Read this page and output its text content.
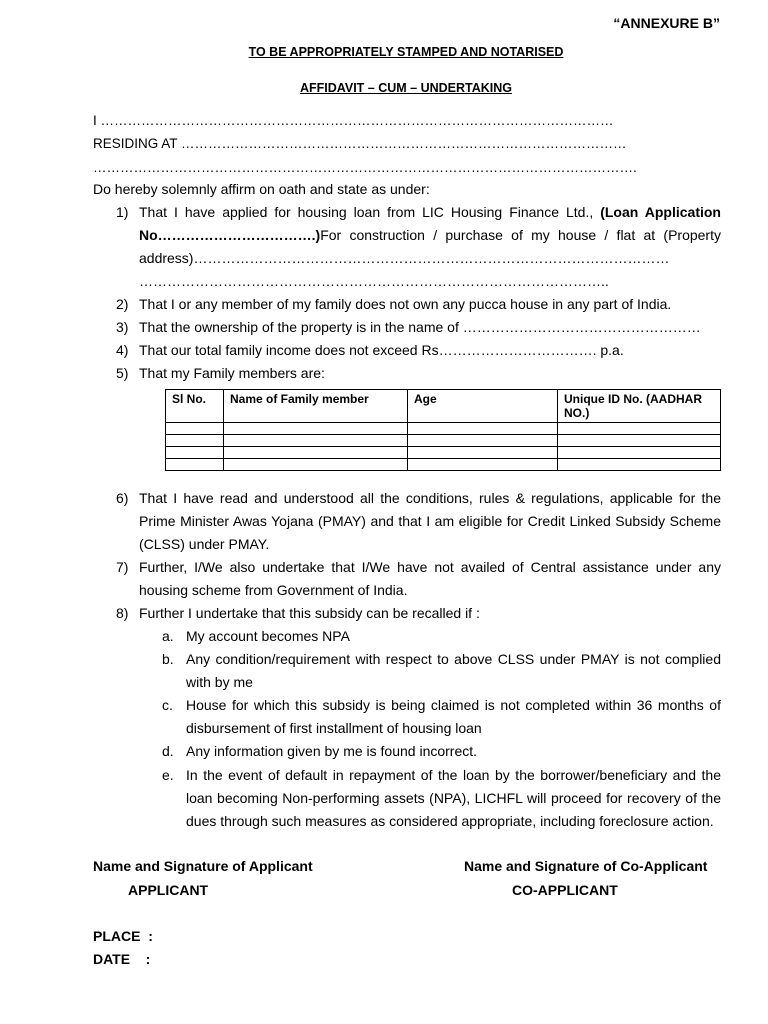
“ANNEXURE B”
TO BE APPROPRIATELY STAMPED AND NOTARISED
AFFIDAVIT – CUM – UNDERTAKING
I ……………………………………………………………………………………………………
RESIDING AT ………………………………………………………………………………………
………………………………………………………………………………………………………….
Do hereby solemnly affirm on oath and state as under:
1) That I have applied for housing loan from LIC Housing Finance Ltd., (Loan Application No…………………………….)For construction / purchase of my house / flat at (Property address)………………………………………………………………………………………… ………………………………………………………………………………………..
2) That I or any member of my family does not own any pucca house in any part of India.
3) That the ownership of the property is in the name of ……………………………………………
4) That our total family income does not exceed Rs……………………………. p.a.
5) That my Family members are:
Sl No.	Name of Family member	Age	Unique ID No. (AADHAR NO.)

6) That I have read and understood all the conditions, rules & regulations, applicable for the Prime Minister Awas Yojana (PMAY) and that I am eligible for Credit Linked Subsidy Scheme (CLSS) under PMAY.
7) Further, I/We also undertake that I/We have not availed of Central assistance under any housing scheme from Government of India.
8) Further I undertake that this subsidy can be recalled if :
a. My account becomes NPA
b. Any condition/requirement with respect to above CLSS under PMAY is not complied with by me
c. House for which this subsidy is being claimed is not completed within 36 months of disbursement of first installment of housing loan
d. Any information given by me is found incorrect.
e. In the event of default in repayment of the loan by the borrower/beneficiary and the loan becoming Non-performing assets (NPA), LICHFL will proceed for recovery of the dues through such measures as considered appropriate, including foreclosure action.
Name and Signature of Applicant
APPLICANT
Name and Signature of Co-Applicant
CO-APPLICANT
PLACE  :
DATE    :
